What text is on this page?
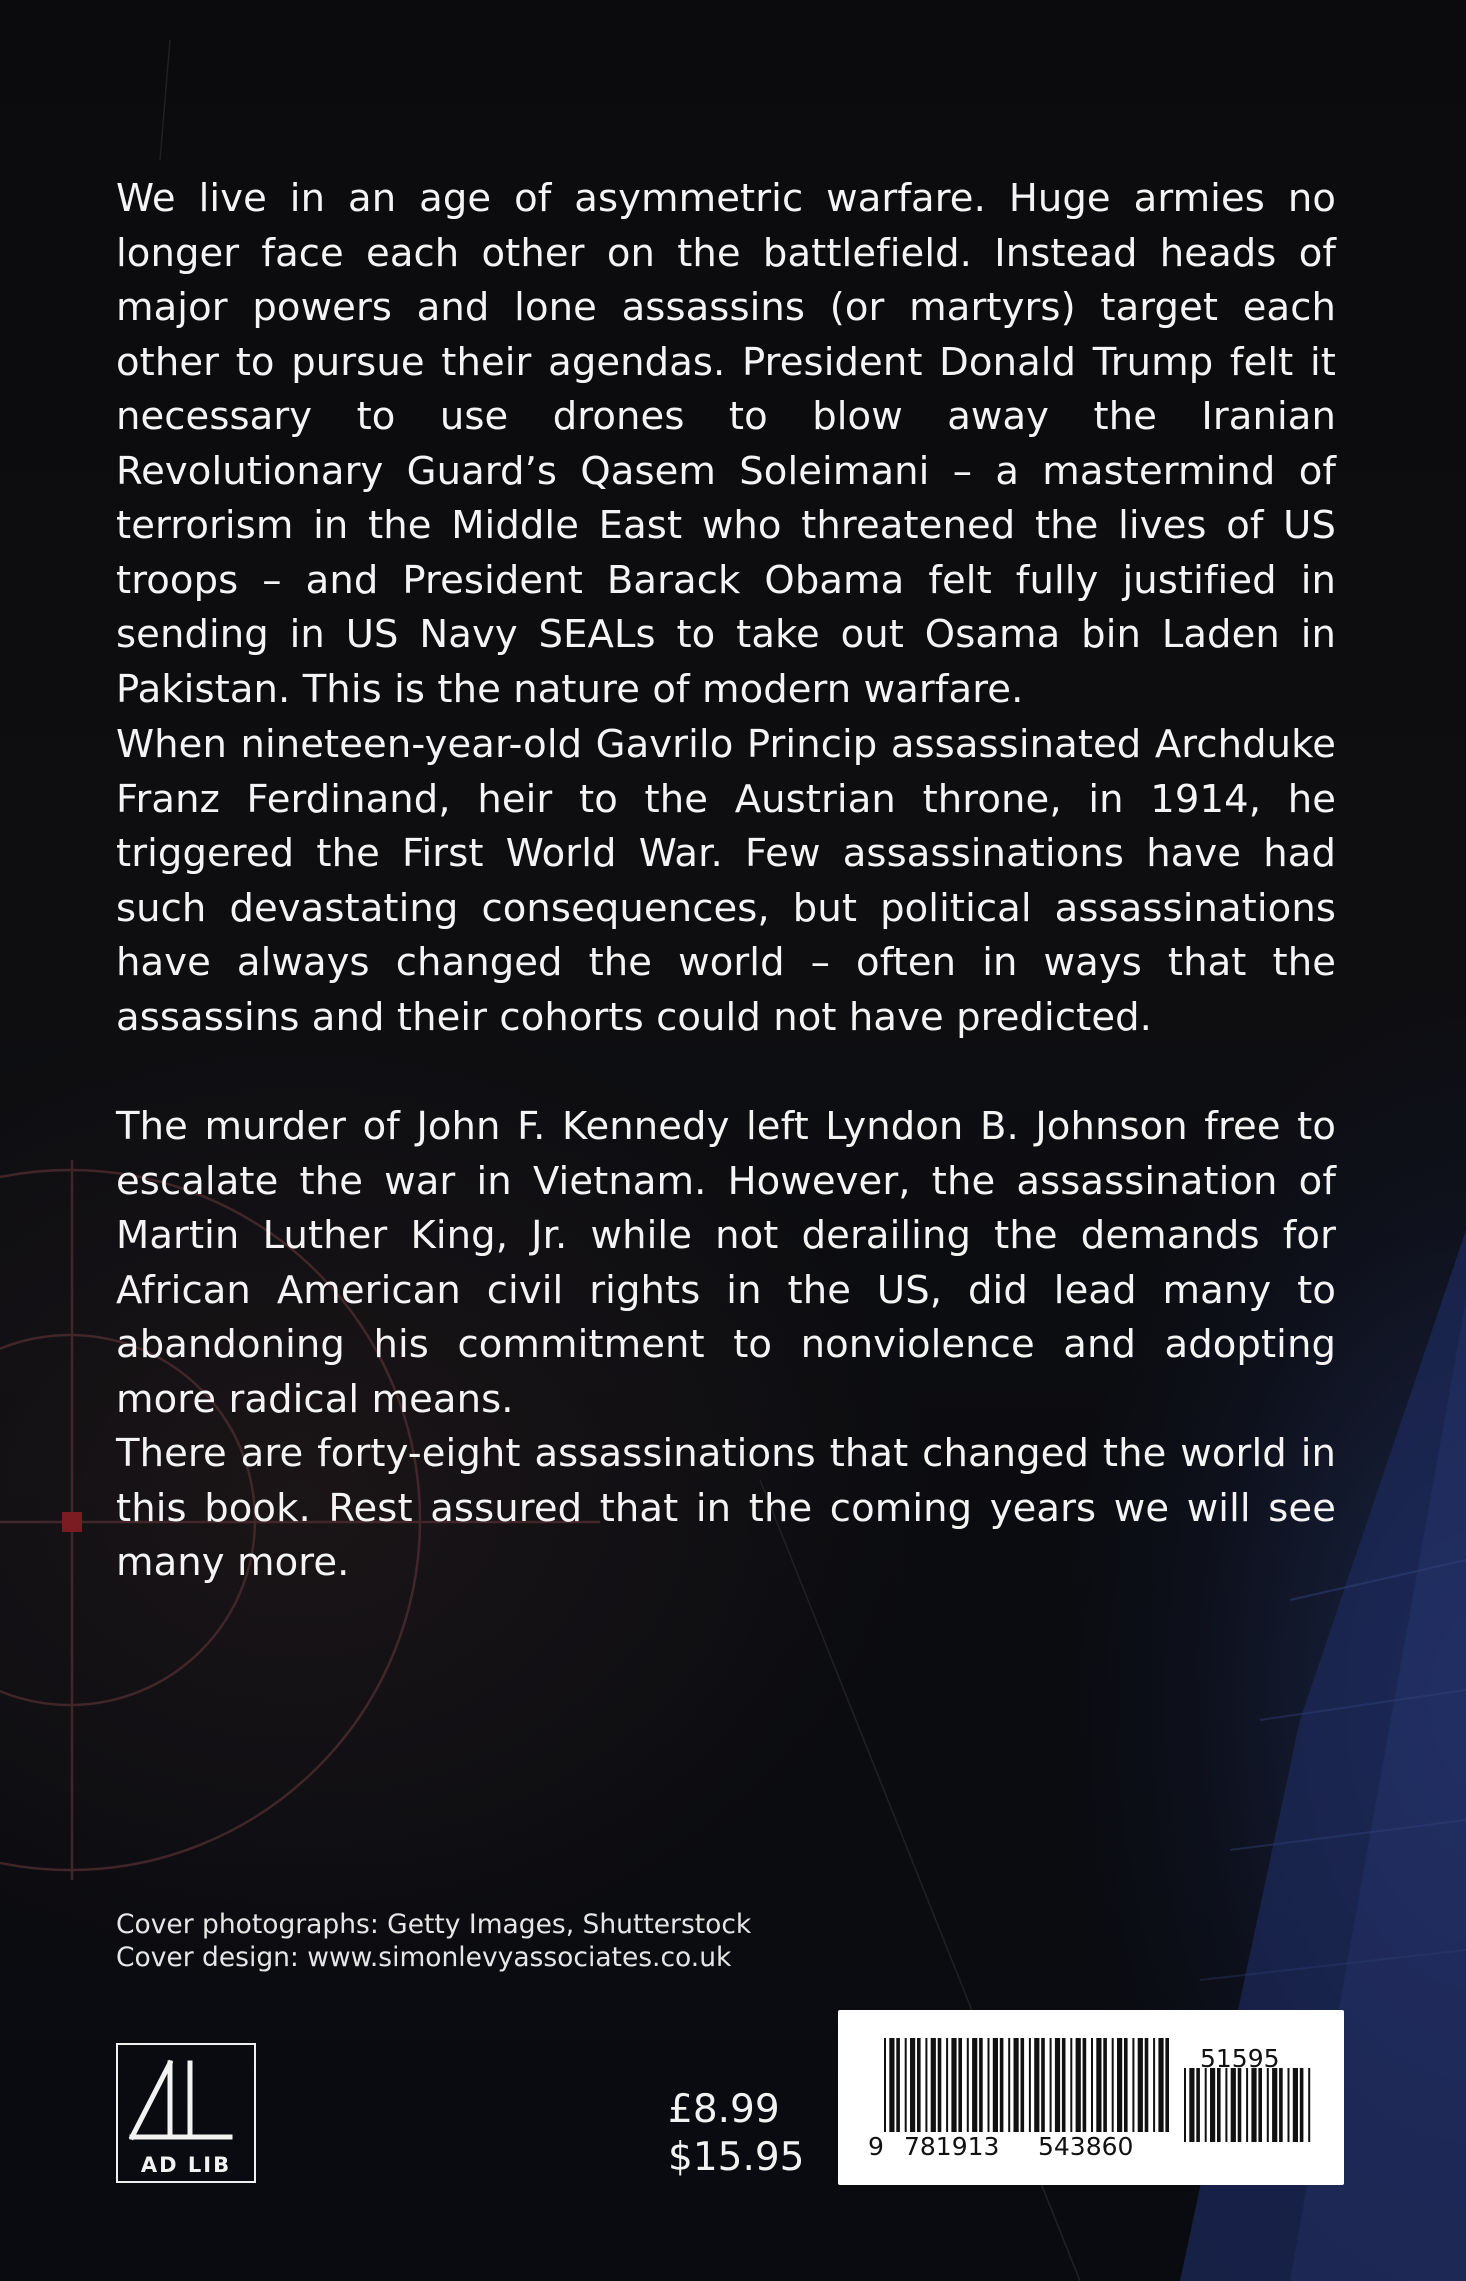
We live in an age of asymmetric warfare. Huge armies no longer face each other on the battlefield. Instead heads of major powers and lone assassins (or martyrs) target each other to pursue their agendas. President Donald Trump felt it necessary to use drones to blow away the Iranian Revolutionary Guard’s Qasem Soleimani – a mastermind of terrorism in the Middle East who threatened the lives of US troops – and President Barack Obama felt fully justified in sending in US Navy SEALs to take out Osama bin Laden in Pakistan. This is the nature of modern warfare.

When nineteen-year-old Gavrilo Princip assassinated Archduke Franz Ferdinand, heir to the Austrian throne, in 1914, he triggered the First World War. Few assassinations have had such devastating consequences, but political assassinations have always changed the world – often in ways that the assassins and their cohorts could not have predicted.

The murder of John F. Kennedy left Lyndon B. Johnson free to escalate the war in Vietnam. However, the assassination of Martin Luther King, Jr. while not derailing the demands for African American civil rights in the US, did lead many to abandoning his commitment to nonviolence and adopting more radical means.

There are forty-eight assassinations that changed the world in this book. Rest assured that in the coming years we will see many more.

Cover photographs: Getty Images, Shutterstock
Cover design: www.simonlevyassociates.co.uk
AD LIB
£8.99
$15.95	9 781913 543860
51595
